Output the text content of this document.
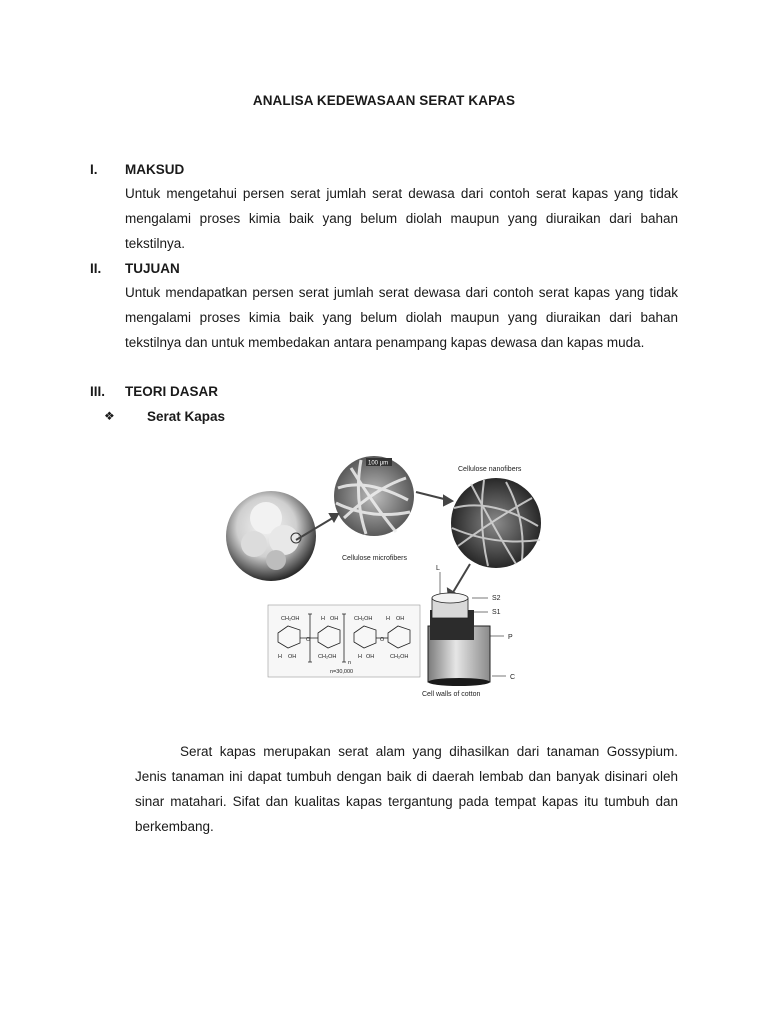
ANALISA KEDEWASAAN SERAT KAPAS
I. MAKSUD
Untuk mengetahui persen serat jumlah serat dewasa dari contoh serat kapas yang tidak
mengalami proses kimia baik yang belum diolah maupun yang diuraikan dari bahan
tekstilnya.
II. TUJUAN
Untuk mendapatkan persen serat jumlah serat dewasa dari contoh serat kapas yang tidak
mengalami proses kimia baik yang belum diolah maupun yang diuraikan dari bahan
tekstilnya dan untuk membedakan antara penampang kapas dewasa dan kapas muda.
III. TEORI DASAR
❖ Serat Kapas
100 μm
Cellulose nanofibers
Cellulose microfibers
CH₂OH	H OH	CH₂OH H OH
O	O
H OH	CH₂OH	H OH	CH₂OH
n
n=30,000
L
S2
S1
P
C
Cell walls of cotton
Serat kapas merupakan serat alam yang dihasilkan dari tanaman Gossypium.
Jenis tanaman ini dapat tumbuh dengan baik di daerah lembab dan banyak disinari oleh
sinar matahari. Sifat dan kualitas kapas tergantung pada tempat kapas itu tumbuh dan
berkembang.
